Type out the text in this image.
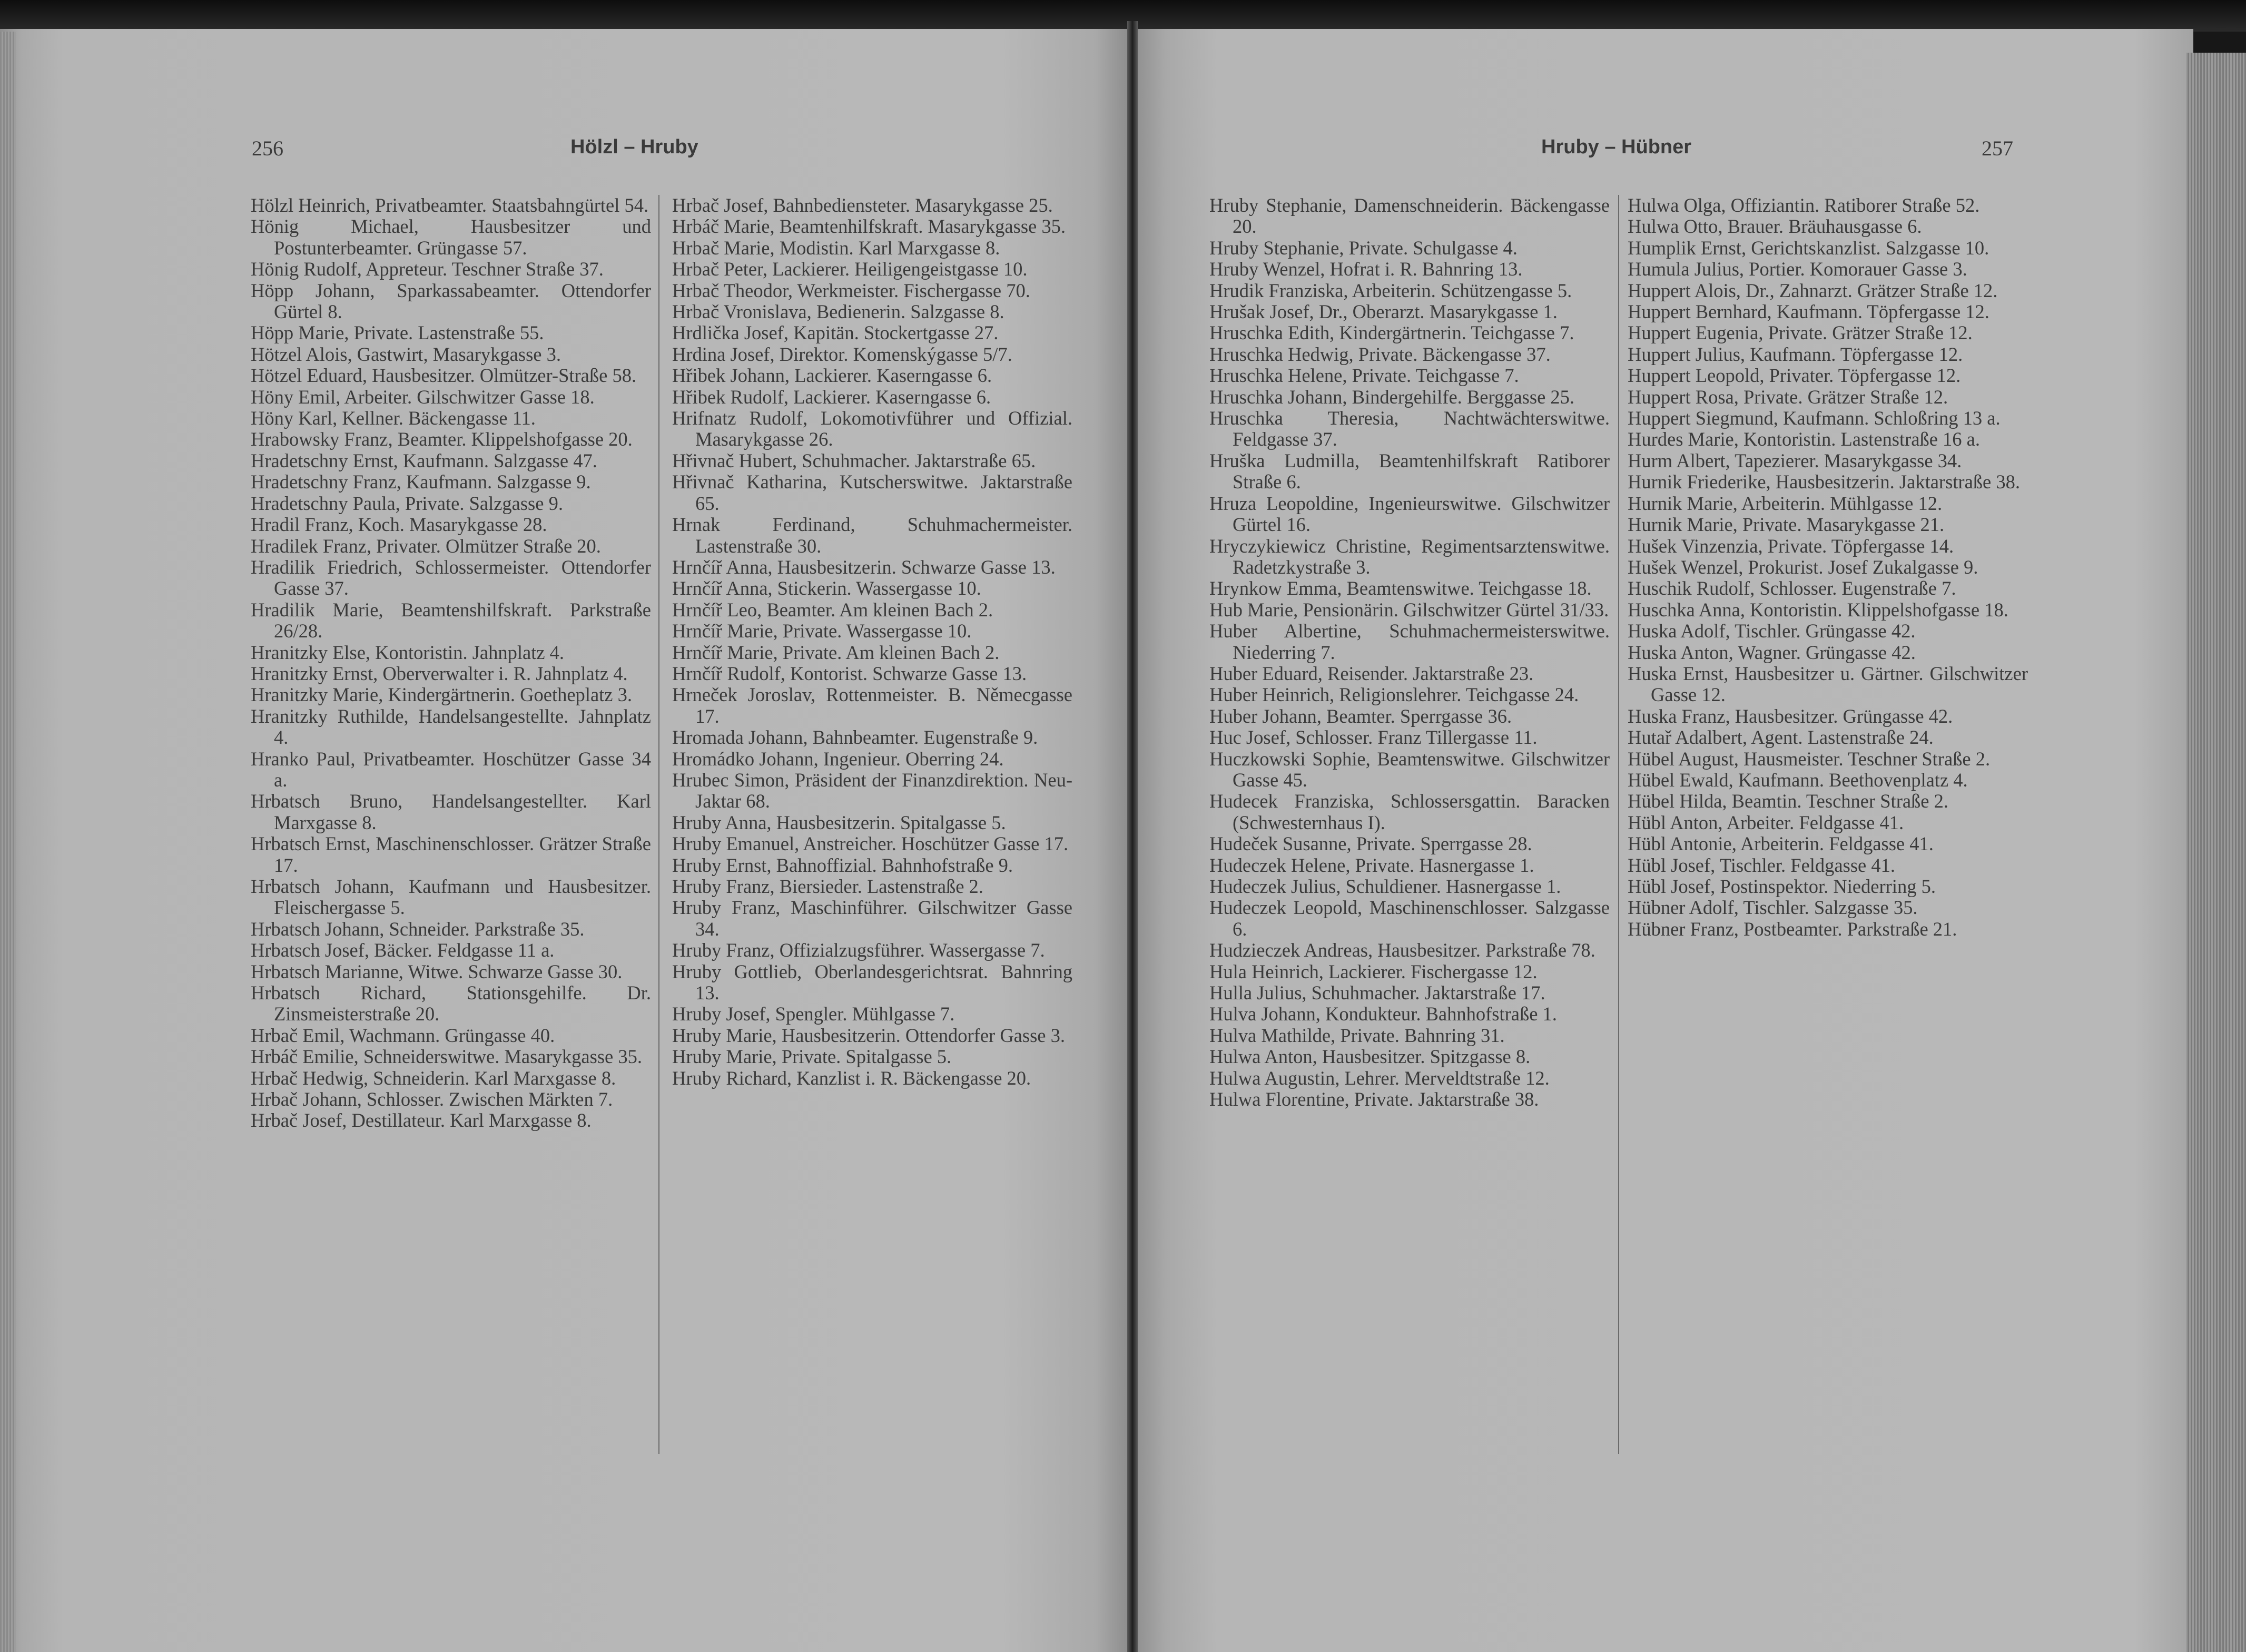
256	Hölzl – Hruby	Hruby – Hübner	257

Hölzl Heinrich, Privatbeamter. Staatsbahngürtel 54.

Hönig Michael, Hausbesitzer und Postunterbeamter. Grüngasse 57.

Hönig Rudolf, Appreteur. Teschner Straße 37.

Höpp Johann, Sparkassabeamter. Ottendorfer Gürtel 8.

Höpp Marie, Private. Lastenstraße 55.

Hötzel Alois, Gastwirt, Masarykgasse 3.

Hötzel Eduard, Hausbesitzer. Olmützer-Straße 58.

Höny Emil, Arbeiter. Gilschwitzer Gasse 18.

Höny Karl, Kellner. Bäckengasse 11.

Hrabowsky Franz, Beamter. Klippelshofgasse 20.

Hradetschny Ernst, Kaufmann. Salzgasse 47.

Hradetschny Franz, Kaufmann. Salzgasse 9.

Hradetschny Paula, Private. Salzgasse 9.

Hradil Franz, Koch. Masarykgasse 28.

Hradilek Franz, Privater. Olmützer Straße 20.

Hradilik Friedrich, Schlossermeister. Ottendorfer Gasse 37.

Hradilik Marie, Beamtenshilfskraft. Parkstraße 26/28.

Hranitzky Else, Kontoristin. Jahnplatz 4.

Hranitzky Ernst, Oberverwalter i. R. Jahnplatz 4.

Hranitzky Marie, Kindergärtnerin. Goetheplatz 3.

Hranitzky Ruthilde, Handelsangestellte. Jahnplatz 4.

Hranko Paul, Privatbeamter. Hoschützer Gasse 34 a.

Hrbatsch Bruno, Handelsangestellter. Karl Marxgasse 8.

Hrbatsch Ernst, Maschinenschlosser. Grätzer Straße 17.

Hrbatsch Johann, Kaufmann und Hausbesitzer. Fleischergasse 5.

Hrbatsch Johann, Schneider. Parkstraße 35.

Hrbatsch Josef, Bäcker. Feldgasse 11 a.

Hrbatsch Marianne, Witwe. Schwarze Gasse 30.

Hrbatsch Richard, Stationsgehilfe. Dr. Zinsmeisterstraße 20.

Hrbač Emil, Wachmann. Grüngasse 40.

Hrbáč Emilie, Schneiderswitwe. Masarykgasse 35.

Hrbač Hedwig, Schneiderin. Karl Marxgasse 8.

Hrbač Johann, Schlosser. Zwischen Märkten 7.

Hrbač Josef, Destillateur. Karl Marxgasse 8.

Hrbač Josef, Bahnbediensteter. Masarykgasse 25.

Hrbáč Marie, Beamtenhilfskraft. Masarykgasse 35.

Hrbač Marie, Modistin. Karl Marxgasse 8.

Hrbač Peter, Lackierer. Heiligengeistgasse 10.

Hrbač Theodor, Werkmeister. Fischergasse 70.

Hrbač Vronislava, Bedienerin. Salzgasse 8.

Hrdlička Josef, Kapitän. Stockertgasse 27.

Hrdina Josef, Direktor. Komenskýgasse 5/7.

Hřibek Johann, Lackierer. Kaserngasse 6.

Hřibek Rudolf, Lackierer. Kaserngasse 6.

Hrifnatz Rudolf, Lokomotivführer und Offizial. Masarykgasse 26.

Hřivnač Hubert, Schuhmacher. Jaktarstraße 65.

Hřivnač Katharina, Kutscherswitwe. Jaktarstraße 65.

Hrnak Ferdinand, Schuhmachermeister. Lastenstraße 30.

Hrnčíř Anna, Hausbesitzerin. Schwarze Gasse 13.

Hrnčíř Anna, Stickerin. Wassergasse 10.

Hrnčíř Leo, Beamter. Am kleinen Bach 2.

Hrnčíř Marie, Private. Wassergasse 10.

Hrnčíř Marie, Private. Am kleinen Bach 2.

Hrnčíř Rudolf, Kontorist. Schwarze Gasse 13.

Hrneček Joroslav, Rottenmeister. B. Němecgasse 17.

Hromada Johann, Bahnbeamter. Eugenstraße 9.

Hromádko Johann, Ingenieur. Oberring 24.

Hrubec Simon, Präsident der Finanzdirektion. Neu-Jaktar 68.

Hruby Anna, Hausbesitzerin. Spitalgasse 5.

Hruby Emanuel, Anstreicher. Hoschützer Gasse 17.

Hruby Ernst, Bahnoffizial. Bahnhofstraße 9.

Hruby Franz, Biersieder. Lastenstraße 2.

Hruby Franz, Maschinführer. Gilschwitzer Gasse 34.

Hruby Franz, Offizialzugsführer. Wassergasse 7.

Hruby Gottlieb, Oberlandesgerichtsrat. Bahnring 13.

Hruby Josef, Spengler. Mühlgasse 7.

Hruby Marie, Hausbesitzerin. Ottendorfer Gasse 3.

Hruby Marie, Private. Spitalgasse 5.

Hruby Richard, Kanzlist i. R. Bäckengasse 20.

Hruby Stephanie, Damenschneiderin. Bäckengasse 20.

Hruby Stephanie, Private. Schulgasse 4.

Hruby Wenzel, Hofrat i. R. Bahnring 13.

Hrudik Franziska, Arbeiterin. Schützengasse 5.

Hrušak Josef, Dr., Oberarzt. Masarykgasse 1.

Hruschka Edith, Kindergärtnerin. Teichgasse 7.

Hruschka Hedwig, Private. Bäckengasse 37.

Hruschka Helene, Private. Teichgasse 7.

Hruschka Johann, Bindergehilfe. Berggasse 25.

Hruschka Theresia, Nachtwächterswitwe. Feldgasse 37.

Hruška Ludmilla, Beamtenhilfskraft Ratiborer Straße 6.

Hruza Leopoldine, Ingenieurswitwe. Gilschwitzer Gürtel 16.

Hryczykiewicz Christine, Regimentsarztenswitwe. Radetzkystraße 3.

Hrynkow Emma, Beamtenswitwe. Teichgasse 18.

Hub Marie, Pensionärin. Gilschwitzer Gürtel 31/33.

Huber Albertine, Schuhmachermeisterswitwe. Niederring 7.

Huber Eduard, Reisender. Jaktarstraße 23.

Huber Heinrich, Religionslehrer. Teichgasse 24.

Huber Johann, Beamter. Sperrgasse 36.

Huc Josef, Schlosser. Franz Tillergasse 11.

Huczkowski Sophie, Beamtenswitwe. Gilschwitzer Gasse 45.

Hudecek Franziska, Schlossersgattin. Baracken (Schwesternhaus I).

Hudeček Susanne, Private. Sperrgasse 28.

Hudeczek Helene, Private. Hasnergasse 1.

Hudeczek Julius, Schuldiener. Hasnergasse 1.

Hudeczek Leopold, Maschinenschlosser. Salzgasse 6.

Hudzieczek Andreas, Hausbesitzer. Parkstraße 78.

Hula Heinrich, Lackierer. Fischergasse 12.

Hulla Julius, Schuhmacher. Jaktarstraße 17.

Hulva Johann, Kondukteur. Bahnhofstraße 1.

Hulva Mathilde, Private. Bahnring 31.

Hulwa Anton, Hausbesitzer. Spitzgasse 8.

Hulwa Augustin, Lehrer. Merveldtstraße 12.

Hulwa Florentine, Private. Jaktarstraße 38.

Hulwa Olga, Offiziantin. Ratiborer Straße 52.

Hulwa Otto, Brauer. Bräuhausgasse 6.

Humplik Ernst, Gerichtskanzlist. Salzgasse 10.

Humula Julius, Portier. Komorauer Gasse 3.

Huppert Alois, Dr., Zahnarzt. Grätzer Straße 12.

Huppert Bernhard, Kaufmann. Töpfergasse 12.

Huppert Eugenia, Private. Grätzer Straße 12.

Huppert Julius, Kaufmann. Töpfergasse 12.

Huppert Leopold, Privater. Töpfergasse 12.

Huppert Rosa, Private. Grätzer Straße 12.

Huppert Siegmund, Kaufmann. Schloßring 13 a.

Hurdes Marie, Kontoristin. Lastenstraße 16 a.

Hurm Albert, Tapezierer. Masarykgasse 34.

Hurnik Friederike, Hausbesitzerin. Jaktarstraße 38.

Hurnik Marie, Arbeiterin. Mühlgasse 12.

Hurnik Marie, Private. Masarykgasse 21.

Hušek Vinzenzia, Private. Töpfergasse 14.

Hušek Wenzel, Prokurist. Josef Zukalgasse 9.

Huschik Rudolf, Schlosser. Eugenstraße 7.

Huschka Anna, Kontoristin. Klippelshofgasse 18.

Huska Adolf, Tischler. Grüngasse 42.

Huska Anton, Wagner. Grüngasse 42.

Huska Ernst, Hausbesitzer u. Gärtner. Gilschwitzer Gasse 12.

Huska Franz, Hausbesitzer. Grüngasse 42.

Hutař Adalbert, Agent. Lastenstraße 24.

Hübel August, Hausmeister. Teschner Straße 2.

Hübel Ewald, Kaufmann. Beethovenplatz 4.

Hübel Hilda, Beamtin. Teschner Straße 2.

Hübl Anton, Arbeiter. Feldgasse 41.

Hübl Antonie, Arbeiterin. Feldgasse 41.

Hübl Josef, Tischler. Feldgasse 41.

Hübl Josef, Postinspektor. Niederring 5.

Hübner Adolf, Tischler. Salzgasse 35.

Hübner Franz, Postbeamter. Parkstraße 21.
